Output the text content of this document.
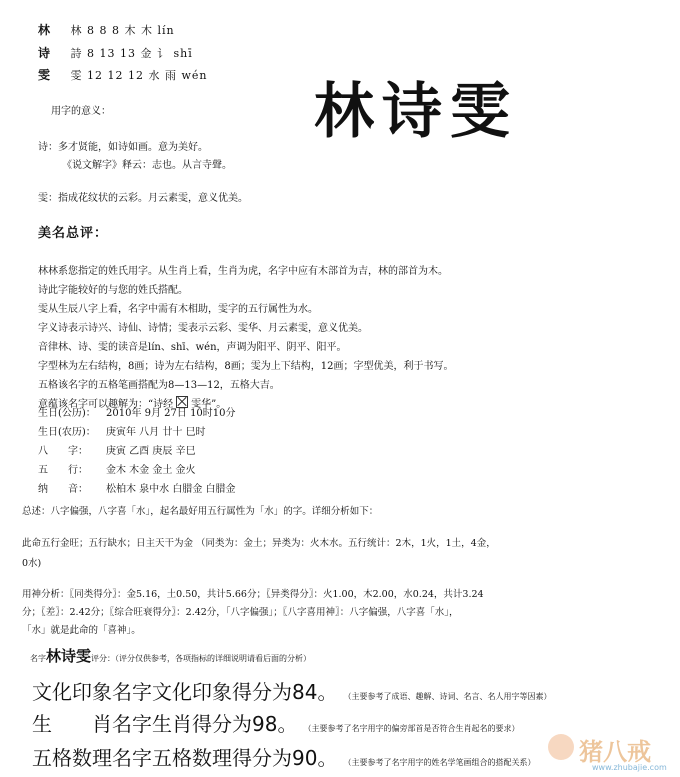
林 林 8 8 8 木 木 lín
诗 詩 8 13 13 金 讠 shī
雯 雯 12 12 12 水 雨 wén
林诗雯
用字的意义：
诗：多才贤能，如诗如画。意为美好。
《说文解字》释云：志也。从言寺聲。
雯：指成花纹状的云彩。月云素雯，意义优美。
美名总评：
林林系您指定的姓氏用字。从生肖上看，生肖为虎，名字中应有木部首为吉，林的部首为木。
诗此字能较好的与您的姓氏搭配。
雯从生辰八字上看，名字中需有木相助，雯字的五行属性为水。
字义诗表示诗兴、诗仙、诗情；雯表示云彩、雯华、月云素雯，意义优美。
音律林、诗、雯的读音是lín、shī、wén，声调为阳平、阴平、阳平。
字型林为左右结构，8画；诗为左右结构，8画；雯为上下结构，12画；字型优美，利于书写。
五格该名字的五格笔画搭配为8—13—12，五格大吉。
意蕴该名字可以趣解为：“诗经 雯华”。
生日(公历)： 2010年 9月 27日 10时10分
生日(农历)： 庚寅年 八月 廿十 巳时
八　　字： 庚寅 乙酉 庚辰 辛巳
五　　行： 金木 木金 金土 金火
纳　　音： 松柏木 泉中水 白腊金 白腊金
总述：八字偏强，八字喜「水」，起名最好用五行属性为「水」的字。详细分析如下：
此命五行金旺；五行缺水；日主天干为金 （同类为：金土；异类为：火木水。五行统计：2木，1火，1土，4金，
0水)
用神分析：〖同类得分〗：金5.16，土0.50，共计5.66分；〖异类得分〗：火1.00，木2.00，水0.24，共计3.24
分；〖差〗：2.42分；〖综合旺衰得分〗：2.42分，「八字偏强」；〖八字喜用神〗：八字偏强，八字喜「水」，
「水」就是此命的「喜神」。
名字林诗雯评分：（评分仅供参考，各项指标的详细说明请看后面的分析）
文化印象名字文化印象得分为84。 （主要参考了成语、趣解、诗词、名言、名人用字等因素）
生　　肖名字生肖得分为98。 （主要参考了名字用字的偏旁部首是否符合生肖起名的要求）
五格数理名字五格数理得分为90。 （主要参考了名字用字的姓名学笔画组合的搭配关系）	猪八戒
www.zhubajie.com
